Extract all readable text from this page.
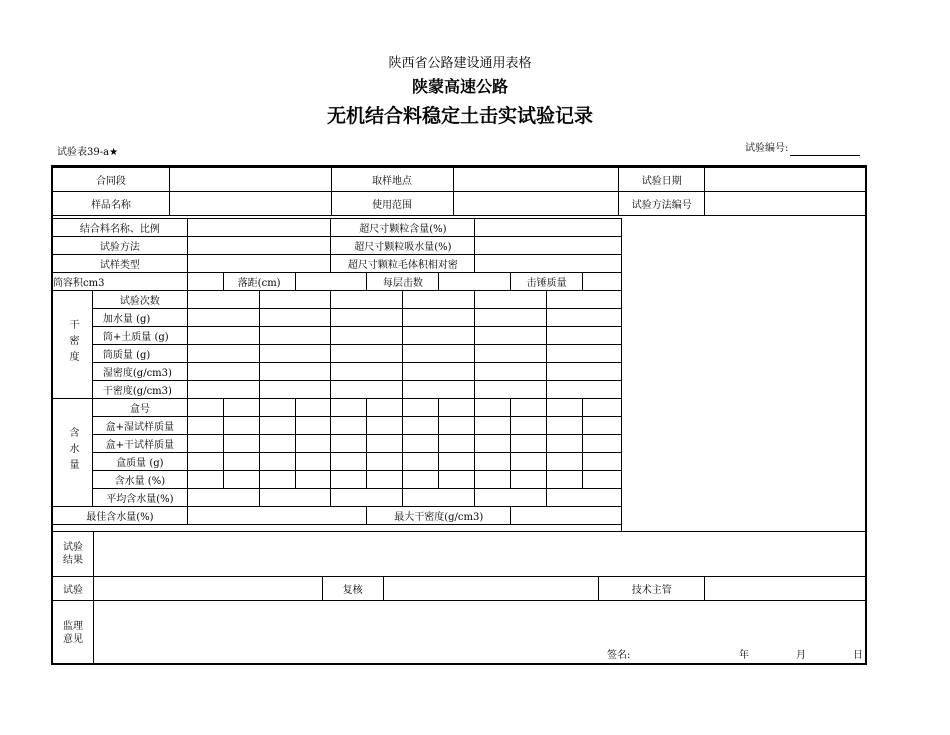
陕西省公路建设通用表格
陕蒙高速公路
无机结合料稳定土击实试验记录
试验表39-a★	试验编号:
合同段		取样地点		试验日期	
样品名称		使用范围		试验方法编号	
结合料名称、比例						超尺寸颗粒含量(%)							
试验方法						超尺寸颗粒吸水量(%)							
试样类型						超尺寸颗粒毛体积相对密							
筒容积cm3			落距(cm)				每层击数				击锤质量		
干密度	试验次数												
	加水量 (g)												
	筒+土质量 (g)												
	筒质量 (g)												
	湿密度(g/cm3)												
	干密度(g/cm3)												
含水量	盒号												
	盒+湿试样质量												
	盒+干试样质量												
	盒质量 (g)												
	含水量 (%)												
	平均含水量(%)												
最佳含水量(%)							最大干密度(g/cm3)						
试验结果					

试验		复核		技术主管	

监理意见	签名: 年 月 日				
